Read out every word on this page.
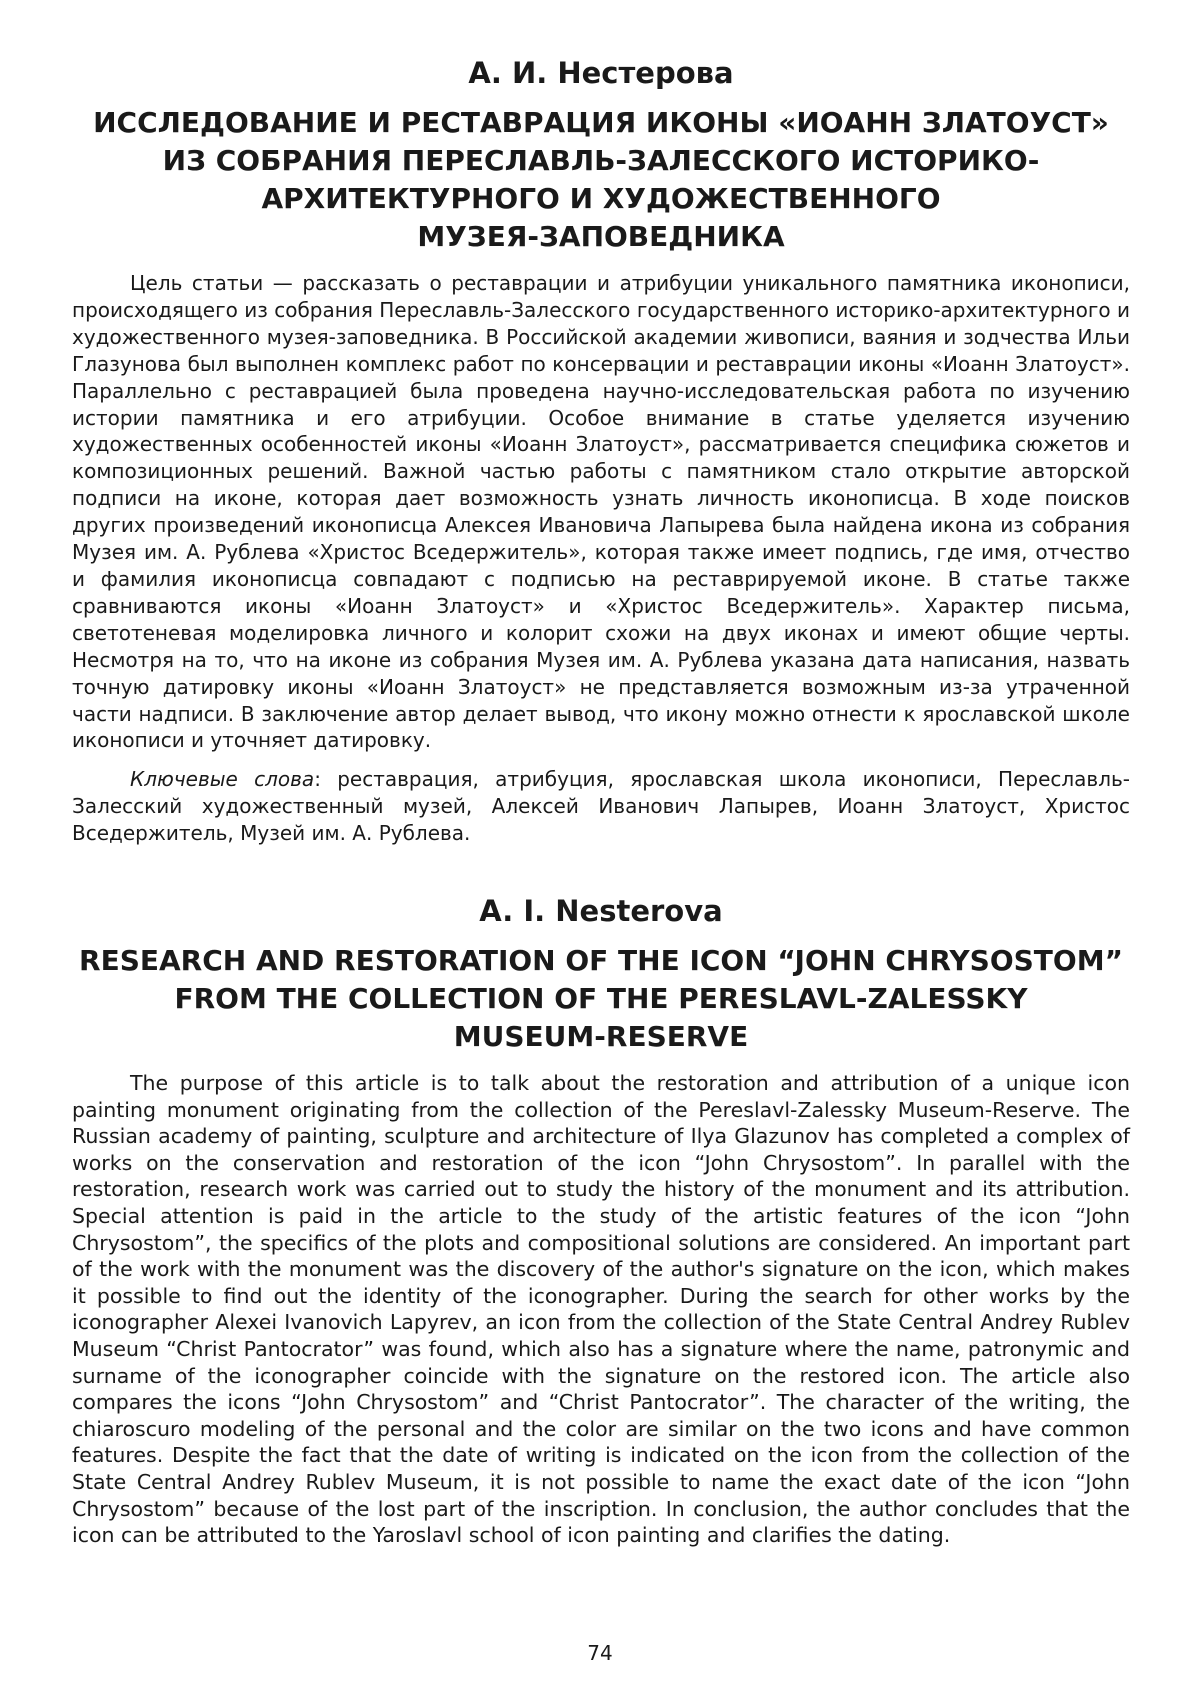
А. И. Нестерова
ИССЛЕДОВАНИЕ И РЕСТАВРАЦИЯ ИКОНЫ «ИОАНН ЗЛАТОУСТ»
ИЗ СОБРАНИЯ ПЕРЕСЛАВЛЬ-ЗАЛЕССКОГО ИСТОРИКО-
АРХИТЕКТУРНОГО И ХУДОЖЕСТВЕННОГО
МУЗЕЯ-ЗАПОВЕДНИКА

Цель статьи — рассказать о реставрации и атрибуции уникального памятника иконописи, происходящего из собрания Переславль-Залесского государственного историко-архитектурного и художественного музея-заповедника. В Российской академии живописи, ваяния и зодчества Ильи Глазунова был выполнен комплекс работ по консервации и реставрации иконы «Иоанн Златоуст». Параллельно с реставрацией была проведена научно-исследовательская работа по изучению истории памятника и его атрибуции. Особое внимание в статье уделяется изучению художественных особенностей иконы «Иоанн Златоуст», рассматривается специфика сюжетов и композиционных решений. Важной частью работы с памятником стало открытие авторской подписи на иконе, которая дает возможность узнать личность иконописца. В ходе поисков других произведений иконописца Алексея Ивановича Лапырева была найдена икона из собрания Музея им. А. Рублева «Христос Вседержитель», которая также имеет подпись, где имя, отчество и фамилия иконописца совпадают с подписью на реставрируемой иконе. В статье также сравниваются иконы «Иоанн Златоуст» и «Христос Вседержитель». Характер письма, светотеневая моделировка личного и колорит схожи на двух иконах и имеют общие черты. Несмотря на то, что на иконе из собрания Музея им. А. Рублева указана дата написания, назвать точную датировку иконы «Иоанн Златоуст» не представляется возможным из-за утраченной части надписи. В заключение автор делает вывод, что икону можно отнести к ярославской школе иконописи и уточняет датировку.

Ключевые слова: реставрация, атрибуция, ярославская школа иконописи, Переславль-Залесский художественный музей, Алексей Иванович Лапырев, Иоанн Златоуст, Христос Вседержитель, Музей им. А. Рублева.

A. I. Nesterova
RESEARCH AND RESTORATION OF THE ICON “JOHN CHRYSOSTOM”
FROM THE COLLECTION OF THE PERESLAVL-ZALESSKY
MUSEUM-RESERVE

The purpose of this article is to talk about the restoration and attribution of a unique icon painting monument originating from the collection of the Pereslavl-Zalessky Museum-Reserve. The Russian academy of painting, sculpture and architecture of Ilya Glazunov has completed a complex of works on the conservation and restoration of the icon “John Chrysostom”. In parallel with the restoration, research work was carried out to study the history of the monument and its attribution. Special attention is paid in the article to the study of the artistic features of the icon “John Chrysostom”, the specifics of the plots and compositional solutions are considered. An important part of the work with the monument was the discovery of the author's signature on the icon, which makes it possible to find out the identity of the iconographer. During the search for other works by the iconographer Alexei Ivanovich Lapyrev, an icon from the collection of the State Central Andrey Rublev Museum “Christ Pantocrator” was found, which also has a signature where the name, patronymic and surname of the iconographer coincide with the signature on the restored icon. The article also compares the icons “John Chrysostom” and “Christ Pantocrator”. The character of the writing, the chiaroscuro modeling of the personal and the color are similar on the two icons and have common features. Despite the fact that the date of writing is indicated on the icon from the collection of the State Central Andrey Rublev Museum, it is not possible to name the exact date of the icon “John Chrysostom” because of the lost part of the inscription. In conclusion, the author concludes that the icon can be attributed to the Yaroslavl school of icon painting and clarifies the dating.

74
